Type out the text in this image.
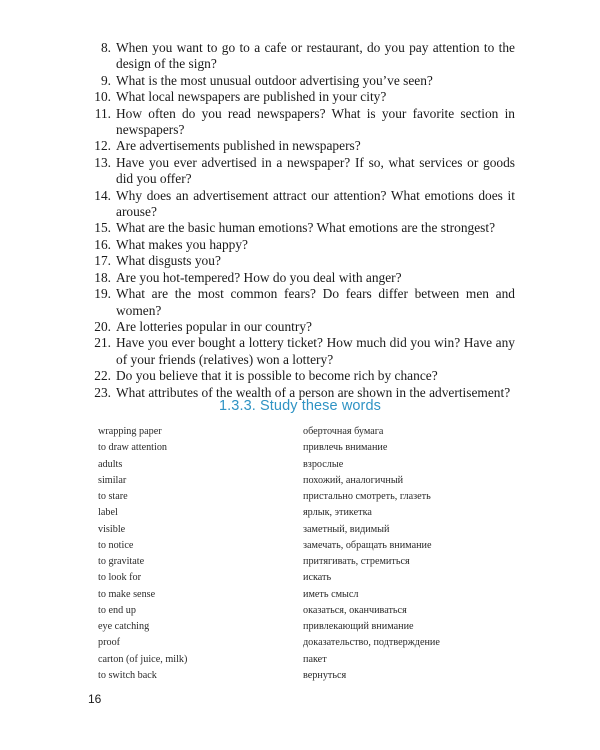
8. When you want to go to a cafe or restaurant, do you pay attention to the design of the sign?
9. What is the most unusual outdoor advertising you’ve seen?
10. What local newspapers are published in your city?
11. How often do you read newspapers? What is your favorite section in newspapers?
12. Are advertisements published in newspapers?
13. Have you ever advertised in a newspaper? If so, what services or goods did you offer?
14. Why does an advertisement attract our attention? What emotions does it arouse?
15. What are the basic human emotions? What emotions are the strongest?
16. What makes you happy?
17. What disgusts you?
18. Are you hot-tempered? How do you deal with anger?
19. What are the most common fears? Do fears differ between men and women?
20. Are lotteries popular in our country?
21. Have you ever bought a lottery ticket? How much did you win? Have any of your friends (relatives) won a lottery?
22. Do you believe that it is possible to become rich by chance?
23. What attributes of the wealth of a person are shown in the advertisement?
1.3.3. Study these words
wrapping paper	оберточная бумага
to draw attention	привлечь внимание
adults	взрослые
similar	похожий, аналогичный
to stare	пристально смотреть, глазеть
label	ярлык, этикетка
visible	заметный, видимый
to notice	замечать, обращать внимание
to gravitate	притягивать, стремиться
to look for	искать
to make sense	иметь смысл
to end up	оказаться, оканчиваться
eye catching	привлекающий внимание
proof	доказательство, подтверждение
carton (of juice, milk)	пакет
to switch back	вернуться
16
